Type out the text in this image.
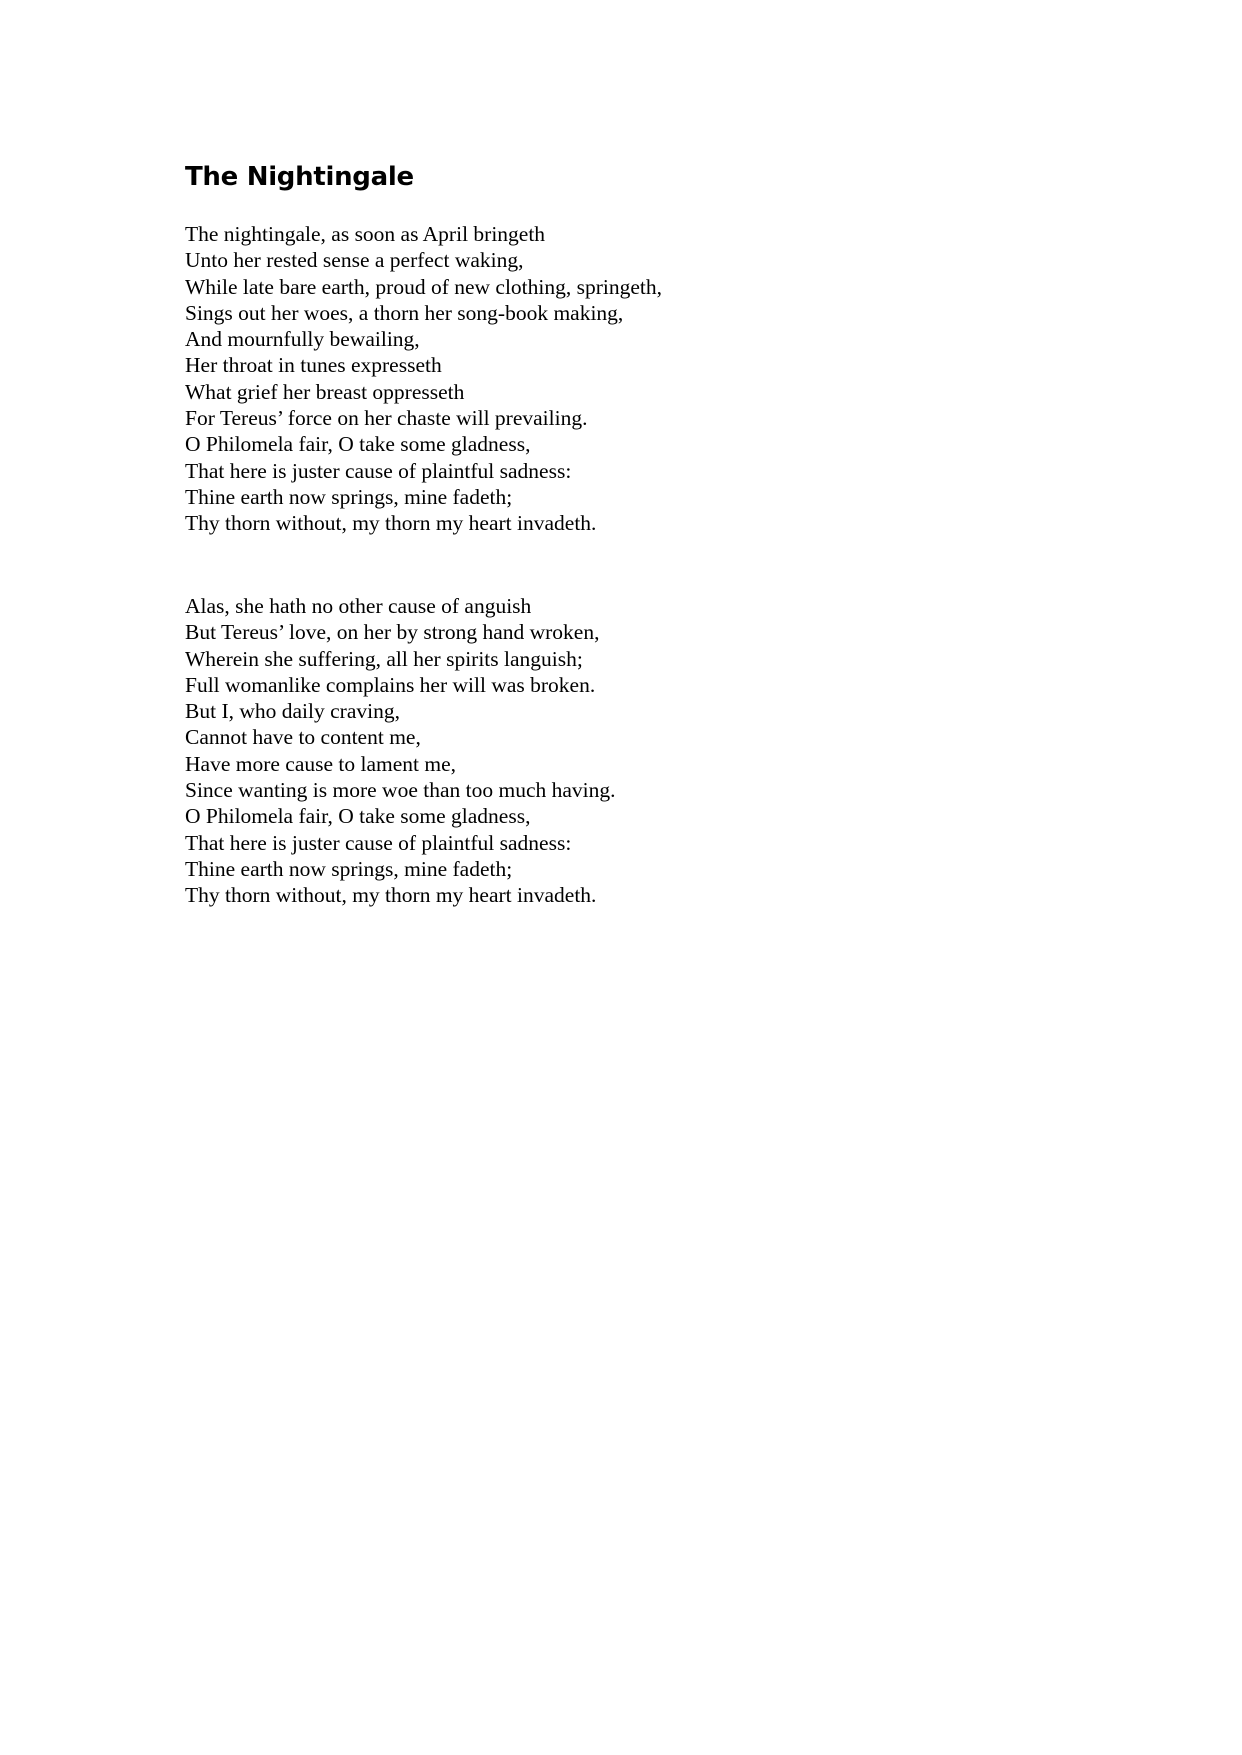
The Nightingale
The nightingale, as soon as April bringeth
Unto her rested sense a perfect waking,
While late bare earth, proud of new clothing, springeth,
Sings out her woes, a thorn her song-book making,
And mournfully bewailing,
Her throat in tunes expresseth
What grief her breast oppresseth
For Tereus’ force on her chaste will prevailing.
O Philomela fair, O take some gladness,
That here is juster cause of plaintful sadness:
Thine earth now springs, mine fadeth;
Thy thorn without, my thorn my heart invadeth.
Alas, she hath no other cause of anguish
But Tereus’ love, on her by strong hand wroken,
Wherein she suffering, all her spirits languish;
Full womanlike complains her will was broken.
But I, who daily craving,
Cannot have to content me,
Have more cause to lament me,
Since wanting is more woe than too much having.
O Philomela fair, O take some gladness,
That here is juster cause of plaintful sadness:
Thine earth now springs, mine fadeth;
Thy thorn without, my thorn my heart invadeth.
